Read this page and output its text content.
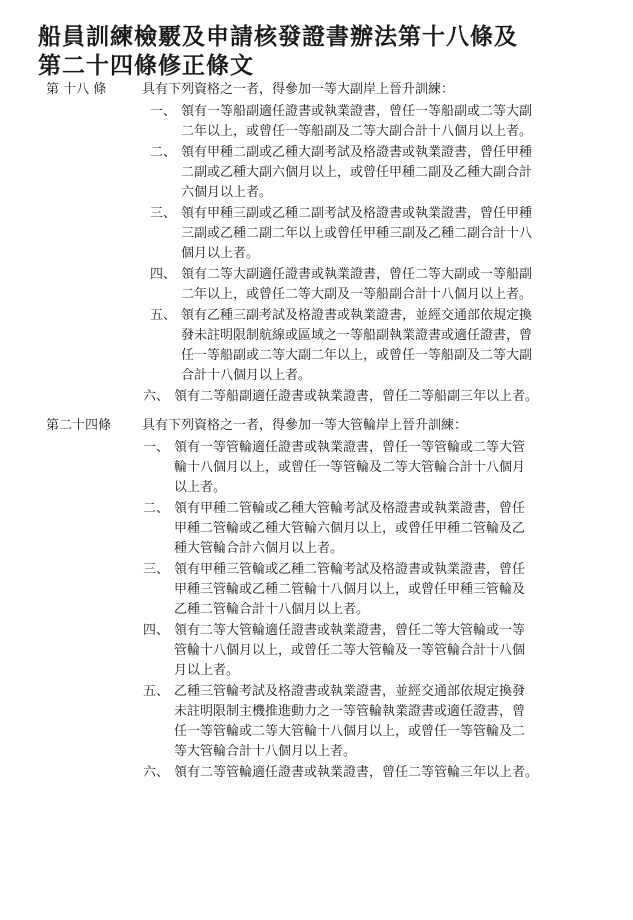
船員訓練檢覈及申請核發證書辦法第十八條及
第二十四條修正條文
第 十八 條	具有下列資格之一者，得參加一等大副岸上晉升訓練：
一、 領有一等船副適任證書或執業證書，曾任一等船副或二等大副
二年以上，或曾任一等船副及二等大副合計十八個月以上者。
二、 領有甲種二副或乙種大副考試及格證書或執業證書，曾任甲種
二副或乙種大副六個月以上，或曾任甲種二副及乙種大副合計
六個月以上者。
三、 領有甲種三副或乙種二副考試及格證書或執業證書，曾任甲種
三副或乙種二副二年以上或曾任甲種三副及乙種二副合計十八
個月以上者。
四、 領有二等大副適任證書或執業證書，曾任二等大副或一等船副
二年以上，或曾任二等大副及一等船副合計十八個月以上者。
五、 領有乙種三副考試及格證書或執業證書，並經交通部依規定換
發未註明限制航線或區域之一等船副執業證書或適任證書，曾
任一等船副或二等大副二年以上，或曾任一等船副及二等大副
合計十八個月以上者。
六、 領有二等船副適任證書或執業證書，曾任二等船副三年以上者。
第二十四條 具有下列資格之一者，得參加一等大管輪岸上晉升訓練：
一、 領有一等管輪適任證書或執業證書，曾任一等管輪或二等大管
輪十八個月以上，或曾任一等管輪及二等大管輪合計十八個月
以上者。
二、 領有甲種二管輪或乙種大管輪考試及格證書或執業證書，曾任
甲種二管輪或乙種大管輪六個月以上，或曾任甲種二管輪及乙
種大管輪合計六個月以上者。
三、 領有甲種三管輪或乙種二管輪考試及格證書或執業證書，曾任
甲種三管輪或乙種二管輪十八個月以上，或曾任甲種三管輪及
乙種二管輪合計十八個月以上者。
四、 領有二等大管輪適任證書或執業證書，曾任二等大管輪或一等
管輪十八個月以上，或曾任二等大管輪及一等管輪合計十八個
月以上者。
五、 乙種三管輪考試及格證書或執業證書，並經交通部依規定換發
未註明限制主機推進動力之一等管輪執業證書或適任證書，曾
任一等管輪或二等大管輪十八個月以上，或曾任一等管輪及二
等大管輪合計十八個月以上者。
六、 領有二等管輪適任證書或執業證書，曾任二等管輪三年以上者。
